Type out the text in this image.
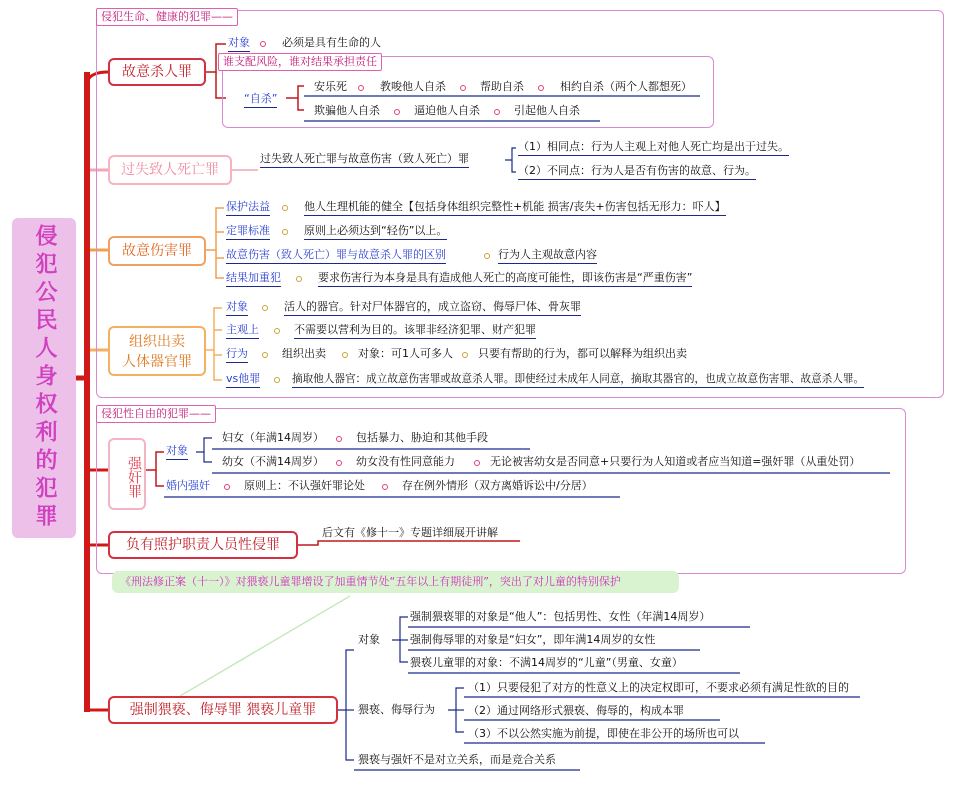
侵犯公民人身权利的犯罪
侵犯生命、健康的犯罪——
故意杀人罪
对象	必须是具有生命的人
谁支配风险，谁对结果承担责任
“自杀”
安乐死	教唆他人自杀	帮助自杀	相约自杀（两个人都想死）
欺骗他人自杀	逼迫他人自杀	引起他人自杀
过失致人死亡罪
过失致人死亡罪与故意伤害（致人死亡）罪
（1）相同点：行为人主观上对他人死亡均是出于过失。
（2）不同点：行为人是否有伤害的故意、行为。
故意伤害罪
保护法益	他人生理机能的健全【包括身体组织完整性+机能 损害/丧失+伤害包括无形力：吓人】
定罪标准	原则上必须达到“轻伤”以上。
故意伤害（致人死亡）罪与故意杀人罪的区别	行为人主观故意内容
结果加重犯	要求伤害行为本身是具有造成他人死亡的高度可能性，即该伤害是“严重伤害”
组织出卖
人体器官罪
对象	活人的器官。针对尸体器官的，成立盗窃、侮辱尸体、骨灰罪
主观上	不需要以营利为目的。该罪非经济犯罪、财产犯罪
行为	组织出卖	对象：可1人可多人 只要有帮助的行为，都可以解释为组织出卖
vs他罪	摘取他人器官：成立故意伤害罪或故意杀人罪。即使经过未成年人同意，摘取其器官的，也成立故意伤害罪、故意杀人罪。
侵犯性自由的犯罪——
强奸罪
对象
妇女（年满14周岁）	包括暴力、胁迫和其他手段
幼女（不满14周岁）	幼女没有性同意能力	无论被害幼女是否同意+只要行为人知道或者应当知道=强奸罪（从重处罚）
婚内强奸	原则上：不认强奸罪论处	存在例外情形（双方离婚诉讼中/分居）
负有照护职责人员性侵罪
后文有《修十一》专题详细展开讲解
《刑法修正案（十一）》对猥亵儿童罪增设了加重情节处“五年以上有期徒刑”，突出了对儿童的特别保护
强制猥亵、侮辱罪 猥亵儿童罪
对象
强制猥亵罪的对象是“他人”：包括男性、女性（年满14周岁）
强制侮辱罪的对象是“妇女”，即年满14周岁的女性
猥亵儿童罪的对象：不满14周岁的“儿童”（男童、女童）
猥亵、侮辱行为
（1）只要侵犯了对方的性意义上的决定权即可，不要求必须有满足性欲的目的
（2）通过网络形式猥亵、侮辱的，构成本罪
（3）不以公然实施为前提，即使在非公开的场所也可以
猥亵与强奸不是对立关系，而是竞合关系
